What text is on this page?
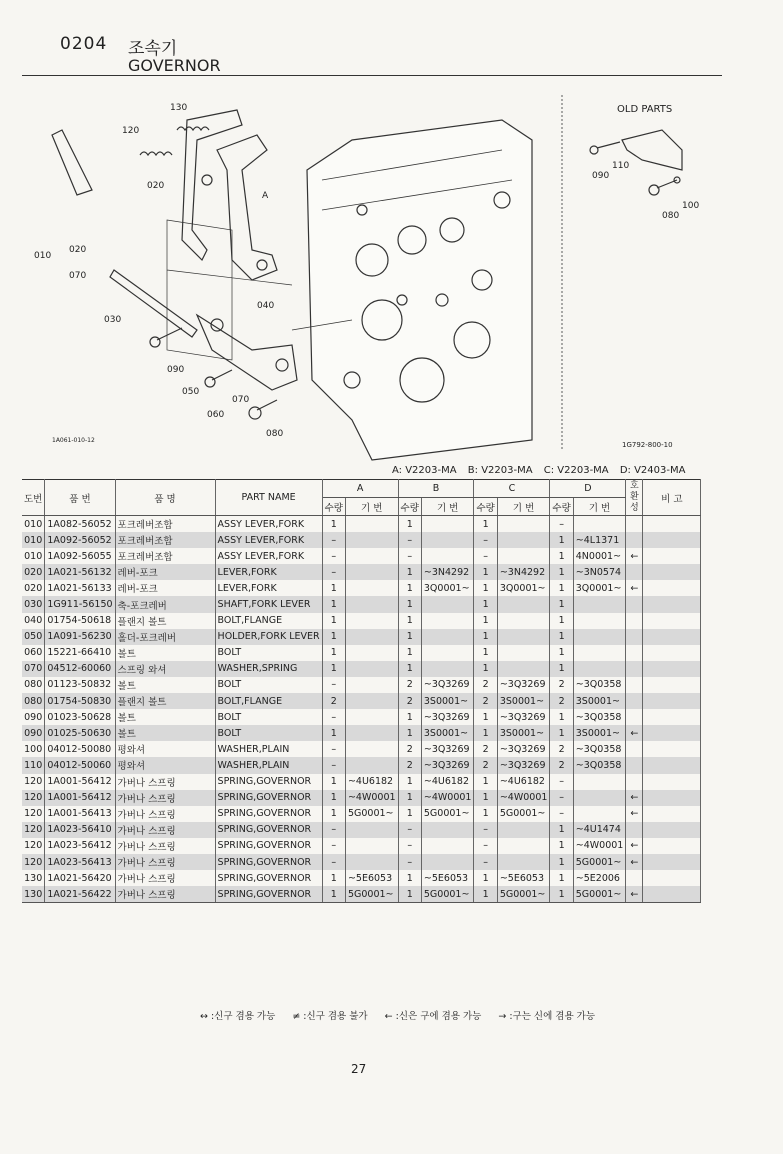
0204 조속기
GOVERNOR
130
120
020
A
010
020
070
030
040
090
050
060
070
080
OLD PARTS
110
090
100
080
1A061-010-12
1G792-800-10
A: V2203-MA B: V2203-MA C: V2203-MA D: V2403-MA
도번	품 번	품 명	PART NAME	A		B		C		D		호환성	비 고
				수량	기 번	수량	기 번	수량	기 번	수량	기 번		
010	1A082-56052	포크레버조합	ASSY LEVER,FORK	1		1		1		–			
010	1A092-56052	포크레버조합	ASSY LEVER,FORK	–		–		–		1	~4L1371		
010	1A092-56055	포크레버조합	ASSY LEVER,FORK	–		–		–		1	4N0001~	←	
020	1A021-56132	레버-포크	LEVER,FORK	–		1	~3N4292	1	~3N4292	1	~3N0574		
020	1A021-56133	레버-포크	LEVER,FORK	1		1	3Q0001~	1	3Q0001~	1	3Q0001~	←	
030	1G911-56150	축-포크레버	SHAFT,FORK LEVER	1		1		1		1			
040	01754-50618	플랜지 볼트	BOLT,FLANGE	1		1		1		1			
050	1A091-56230	홀더-포크레버	HOLDER,FORK LEVER	1		1		1		1			
060	15221-66410	볼트	BOLT	1		1		1		1			
070	04512-60060	스프링 와셔	WASHER,SPRING	1		1		1		1			
080	01123-50832	볼트	BOLT	–		2	~3Q3269	2	~3Q3269	2	~3Q0358		
080	01754-50830	플랜지 볼트	BOLT,FLANGE	2		2	3S0001~	2	3S0001~	2	3S0001~		
090	01023-50628	볼트	BOLT	–		1	~3Q3269	1	~3Q3269	1	~3Q0358		
090	01025-50630	볼트	BOLT	1		1	3S0001~	1	3S0001~	1	3S0001~	←	
100	04012-50080	평와셔	WASHER,PLAIN	–		2	~3Q3269	2	~3Q3269	2	~3Q0358		
110	04012-50060	평와셔	WASHER,PLAIN	–		2	~3Q3269	2	~3Q3269	2	~3Q0358		
120	1A001-56412	가버나 스프링	SPRING,GOVERNOR	1	~4U6182	1	~4U6182	1	~4U6182	–			
120	1A001-56412	가버나 스프링	SPRING,GOVERNOR	1	~4W0001	1	~4W0001	1	~4W0001	–		←	
120	1A001-56413	가버나 스프링	SPRING,GOVERNOR	1	5G0001~	1	5G0001~	1	5G0001~	–		←	
120	1A023-56410	가버나 스프링	SPRING,GOVERNOR	–		–		–		1	~4U1474		
120	1A023-56412	가버나 스프링	SPRING,GOVERNOR	–		–		–		1	~4W0001	←	
120	1A023-56413	가버나 스프링	SPRING,GOVERNOR	–		–		–		1	5G0001~	←	
130	1A021-56420	가버나 스프링	SPRING,GOVERNOR	1	~5E6053	1	~5E6053	1	~5E6053	1	~5E2006		
130	1A021-56422	가버나 스프링	SPRING,GOVERNOR	1	5G0001~	1	5G0001~	1	5G0001~	1	5G0001~	←	
↔ :신구 겸용 가능 ≠ :신구 겸용 불가 ← :신은 구에 겸용 가능 → :구는 신에 겸용 가능
27
